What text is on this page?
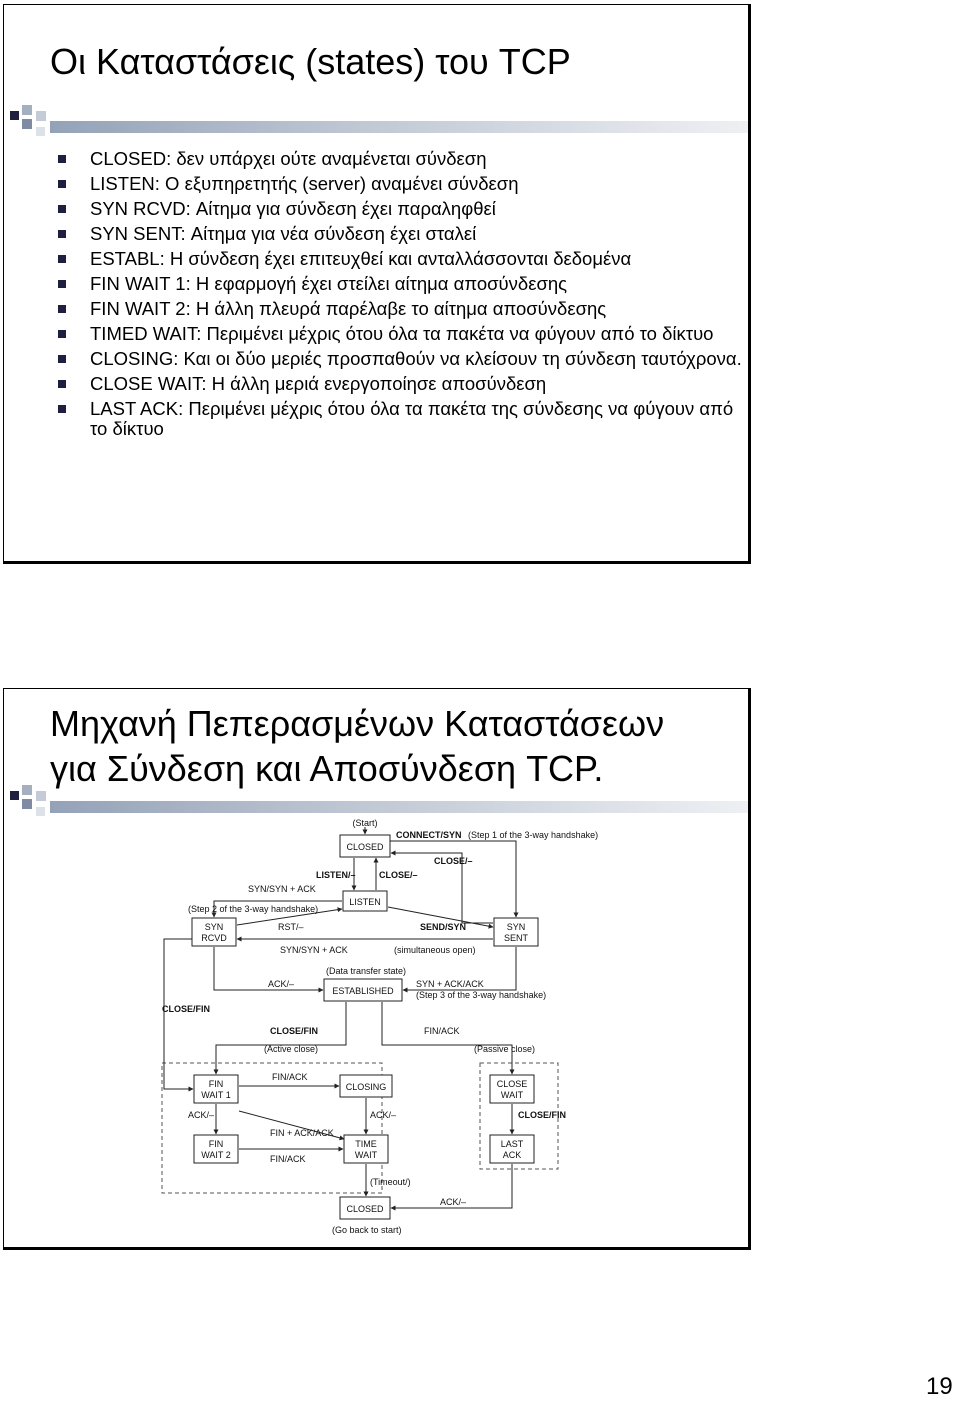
Οι Καταστάσεις (states) του TCP
CLOSED: δεν υπάρχει ούτε αναμένεται σύνδεση
LISTEN: O εξυπηρετητής (server) αναμένει σύνδεση
SYN RCVD: Αίτημα για σύνδεση έχει παραληφθεί
SYN SENT: Αίτημα για νέα σύνδεση έχει σταλεί
ESTABL: Η σύνδεση έχει επιτευχθεί και ανταλλάσσονται δεδομένα
FIN WAIT 1: Η εφαρμογή έχει στείλει αίτημα αποσύνδεσης
FIN WAIT 2: Η άλλη πλευρά παρέλαβε το αίτημα αποσύνδεσης
TIMED WAIT: Περιμένει μέχρις ότου όλα τα πακέτα να φύγουν από το δίκτυο
CLOSING: Και οι δύο μεριές προσπαθούν να κλείσουν τη σύνδεση ταυτόχρονα.
CLOSE WAIT: Η άλλη μεριά ενεργοποίησε αποσύνδεση
LAST ACK: Περιμένει μέχρις ότου όλα τα πακέτα της σύνδεσης να φύγουν από το δίκτυο
Μηχανή Πεπερασμένων Καταστάσεων
για Σύνδεση και Αποσύνδεση TCP.
CLOSED
LISTEN
SYN
RCVD
SYN
SENT
ESTABLISHED
FIN
WAIT 1
CLOSING	CLOSE
WAIT
FIN
WAIT 2
TIME
WAIT
LAST
ACK
CLOSED
(Start)
CONNECT/SYN (Step 1 of the 3-way handshake)
CLOSE/–
LISTEN/–	CLOSE/–
SYN/SYN + ACK
(Step 2 of the 3-way handshake)
RST/–	SEND/SYN
SYN/SYN + ACK	(simultaneous open)
(Data transfer state)
ACK/–	SYN + ACK/ACK
(Step 3 of the 3-way handshake)
CLOSE/FIN
CLOSE/FIN	FIN/ACK
(Active close)	(Passive close)
FIN/ACK
ACK/–	ACK/–	CLOSE/FIN
FIN + ACK/ACK
FIN/ACK
(Timeout/)
ACK/–
(Go back to start)
19
